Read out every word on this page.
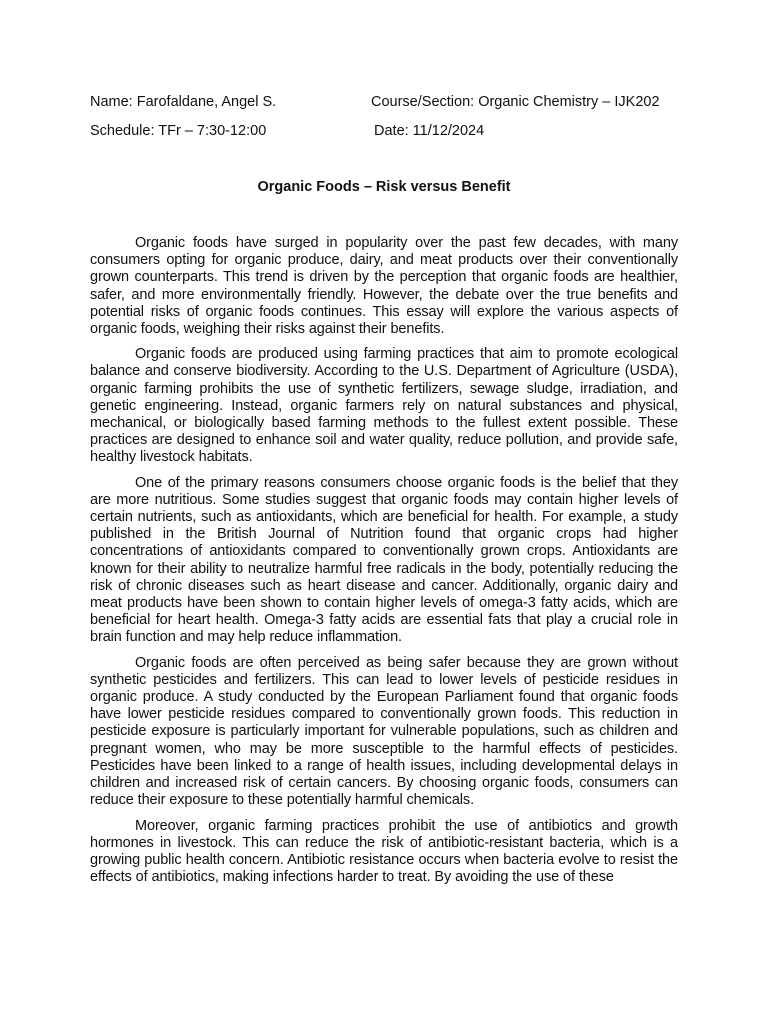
Name: Farofaldane, Angel S.	Course/Section: Organic Chemistry – IJK202
Schedule: TFr – 7:30-12:00	Date: 11/12/2024
Organic Foods – Risk versus Benefit

Organic foods have surged in popularity over the past few decades, with many consumers opting for organic produce, dairy, and meat products over their conventionally grown counterparts. This trend is driven by the perception that organic foods are healthier, safer, and more environmentally friendly. However, the debate over the true benefits and potential risks of organic foods continues. This essay will explore the various aspects of organic foods, weighing their risks against their benefits.

Organic foods are produced using farming practices that aim to promote ecological balance and conserve biodiversity. According to the U.S. Department of Agriculture (USDA), organic farming prohibits the use of synthetic fertilizers, sewage sludge, irradiation, and genetic engineering. Instead, organic farmers rely on natural substances and physical, mechanical, or biologically based farming methods to the fullest extent possible. These practices are designed to enhance soil and water quality, reduce pollution, and provide safe, healthy livestock habitats.

One of the primary reasons consumers choose organic foods is the belief that they are more nutritious. Some studies suggest that organic foods may contain higher levels of certain nutrients, such as antioxidants, which are beneficial for health. For example, a study published in the British Journal of Nutrition found that organic crops had higher concentrations of antioxidants compared to conventionally grown crops. Antioxidants are known for their ability to neutralize harmful free radicals in the body, potentially reducing the risk of chronic diseases such as heart disease and cancer. Additionally, organic dairy and meat products have been shown to contain higher levels of omega-3 fatty acids, which are beneficial for heart health. Omega-3 fatty acids are essential fats that play a crucial role in brain function and may help reduce inflammation.

Organic foods are often perceived as being safer because they are grown without synthetic pesticides and fertilizers. This can lead to lower levels of pesticide residues in organic produce. A study conducted by the European Parliament found that organic foods have lower pesticide residues compared to conventionally grown foods. This reduction in pesticide exposure is particularly important for vulnerable populations, such as children and pregnant women, who may be more susceptible to the harmful effects of pesticides. Pesticides have been linked to a range of health issues, including developmental delays in children and increased risk of certain cancers. By choosing organic foods, consumers can reduce their exposure to these potentially harmful chemicals.

Moreover, organic farming practices prohibit the use of antibiotics and growth hormones in livestock. This can reduce the risk of antibiotic-resistant bacteria, which is a growing public health concern. Antibiotic resistance occurs when bacteria evolve to resist the effects of antibiotics, making infections harder to treat. By avoiding the use of these
